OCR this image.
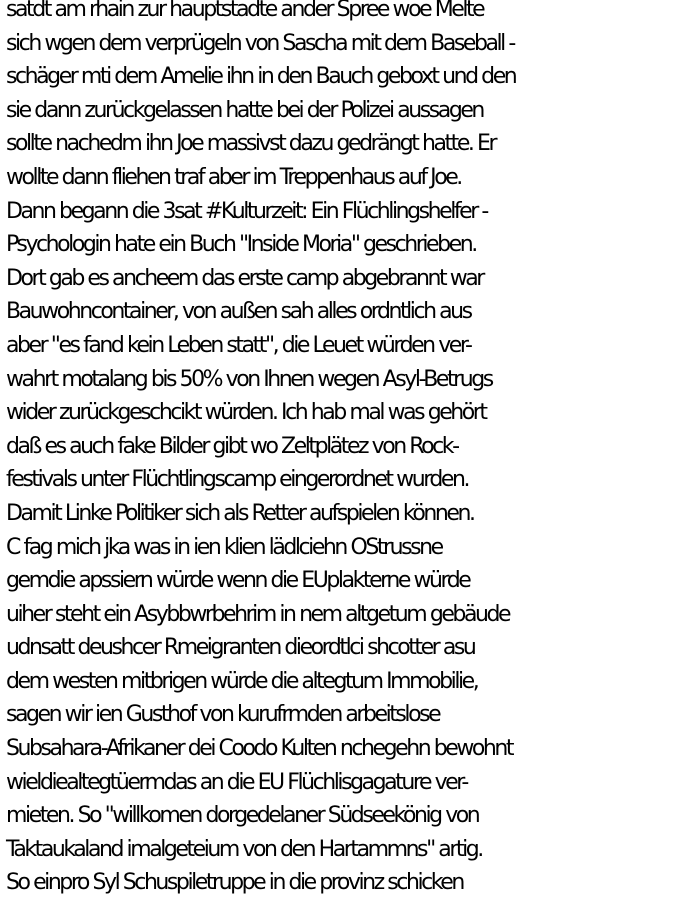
satdt am rhain zur hauptstadte ander Spree woe Melte
sich wgen dem verprügeln von Sascha mit dem Baseball -
schäger mti dem Amelie ihn in den Bauch geboxt und den
sie dann zurückgelassen hatte bei der Polizei aussagen
sollte nachedm ihn Joe massivst dazu gedrängt hatte. Er
wollte dann fliehen traf aber im Treppenhaus auf Joe.
Dann begann die 3sat #Kulturzeit: Ein Flüchlingshelfer -
Psychologin hate ein Buch "Inside Moria" geschrieben.
Dort gab es ancheem das erste camp abgebrannt war
Bauwohncontainer, von außen sah alles ordntlich aus
aber "es fand kein Leben statt", die Leuet würden ver-
wahrt motalang bis 50% von Ihnen wegen Asyl-Betrugs
wider zurückgeschcikt würden. Ich hab mal was gehört
daß es auch fake Bilder gibt wo Zeltplätez von Rock-
festivals unter Flüchtlingscamp eingerordnet wurden.
Damit Linke Politiker sich als Retter aufspielen können.
C fag mich jka was in ien klien lädlciehn OStrussne
gemdie apssiern würde wenn die EUplakterne würde
uiher steht ein Asybbwrbehrim in nem altgetum gebäude
udnsatt deushcer Rmeigranten dieordtlci shcotter asu
dem westen mitbrigen würde die altegtum Immobilie,
sagen wir ien Gusthof von kurufrmden arbeitslose
Subsahara-Afrikaner dei Coodo Kulten nchegehn bewohnt
wieldiealtegtüermdas an die EU Flüchlisgagature ver-
mieten. So "willkomen dorgedelaner Südseekönig von
Taktaukaland imalgeteium von den Hartammns" artig.
So einpro Syl Schuspiletruppe in die provinz schicken
